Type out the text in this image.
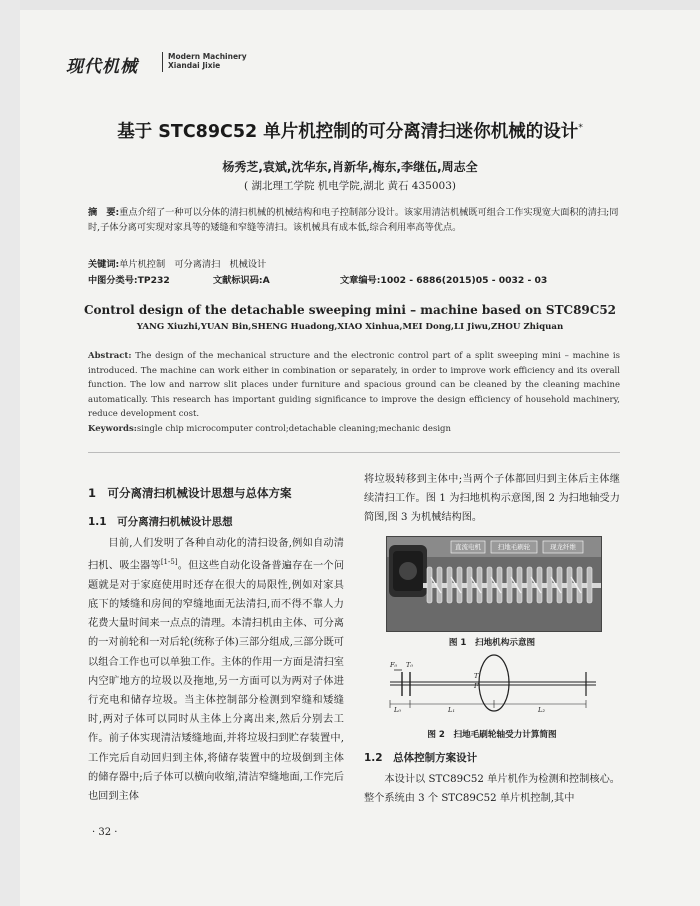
现代机械
Modern Machinery
Xiandai Jixie
基于 STC89C52 单片机控制的可分离清扫迷你机械的设计*
杨秀芝,袁斌,沈华东,肖新华,梅东,李继伍,周志全
( 湖北理工学院 机电学院,湖北 黄石 435003)
摘　要:重点介绍了一种可以分体的清扫机械的机械结构和电子控制部分设计。该家用清洁机械既可组合工作实现宽大面积的清扫;同时,子体分离可实现对家具等的矮缝和窄缝等清扫。该机械具有成本低,综合利用率高等优点。
关键词:单片机控制　可分离清扫　机械设计
中图分类号:TP232	文献标识码:A	文章编号:1002 - 6886(2015)05 - 0032 - 03
Control design of the detachable sweeping mini – machine based on STC89C52
YANG Xiuzhi,YUAN Bin,SHENG Huadong,XIAO Xinhua,MEI Dong,LI Jiwu,ZHOU Zhiquan
Abstract: The design of the mechanical structure and the electronic control part of a split sweeping mini – machine is introduced. The machine can work either in combination or separately, in order to improve work efficiency and its overall function. The low and narrow slit places under furniture and spacious ground can be cleaned by the cleaning machine automatically. This research has important guiding significance to improve the design efficiency of household machinery, reduce development cost.
Keywords:single chip microcomputer control;detachable cleaning;mechanic design
1　可分离清扫机械设计思想与总体方案
1.1　可分离清扫机械设计思想
目前,人们发明了各种自动化的清扫设备,例如自动清扫机、吸尘器等[1-5]。但这些自动化设备普遍存在一个问题就是对于家庭使用时还存在很大的局限性,例如对家具底下的矮缝和房间的窄缝地面无法清扫,而不得不靠人力花费大量时间来一点点的清理。本清扫机由主体、可分离的一对前轮和一对后轮(统称子体)三部分组成,三部分既可以组合工作也可以单独工作。主体的作用一方面是清扫室内空旷地方的垃圾以及拖地,另一方面可以为两对子体进行充电和储存垃圾。当主体控制部分检测到窄缝和矮缝时,两对子体可以同时从主体上分离出来,然后分别去工作。前子体实现清洁矮缝地面,并将垃圾扫到贮存装置中,工作完后自动回归到主体,将储存装置中的垃圾倒到主体的储存器中;后子体可以横向收缩,清洁窄缝地面,工作完后也回到主体
将垃圾转移到主体中;当两个子体都回归到主体后主体继续清扫工作。图 1 为扫地机构示意图,图 2 为扫地轴受力简图,图 3 为机械结构图。
直流电机	扫地毛刷轮	现龙纤维
图 1　扫地机构示意图
F₀ T₀
T
F
L₀	L₁	L₂
图 2　扫地毛刷轮轴受力计算简图
1.2　总体控制方案设计
本设计以 STC89C52 单片机作为检测和控制核心。整个系统由 3 个 STC89C52 单片机控制,其中
· 32 ·
